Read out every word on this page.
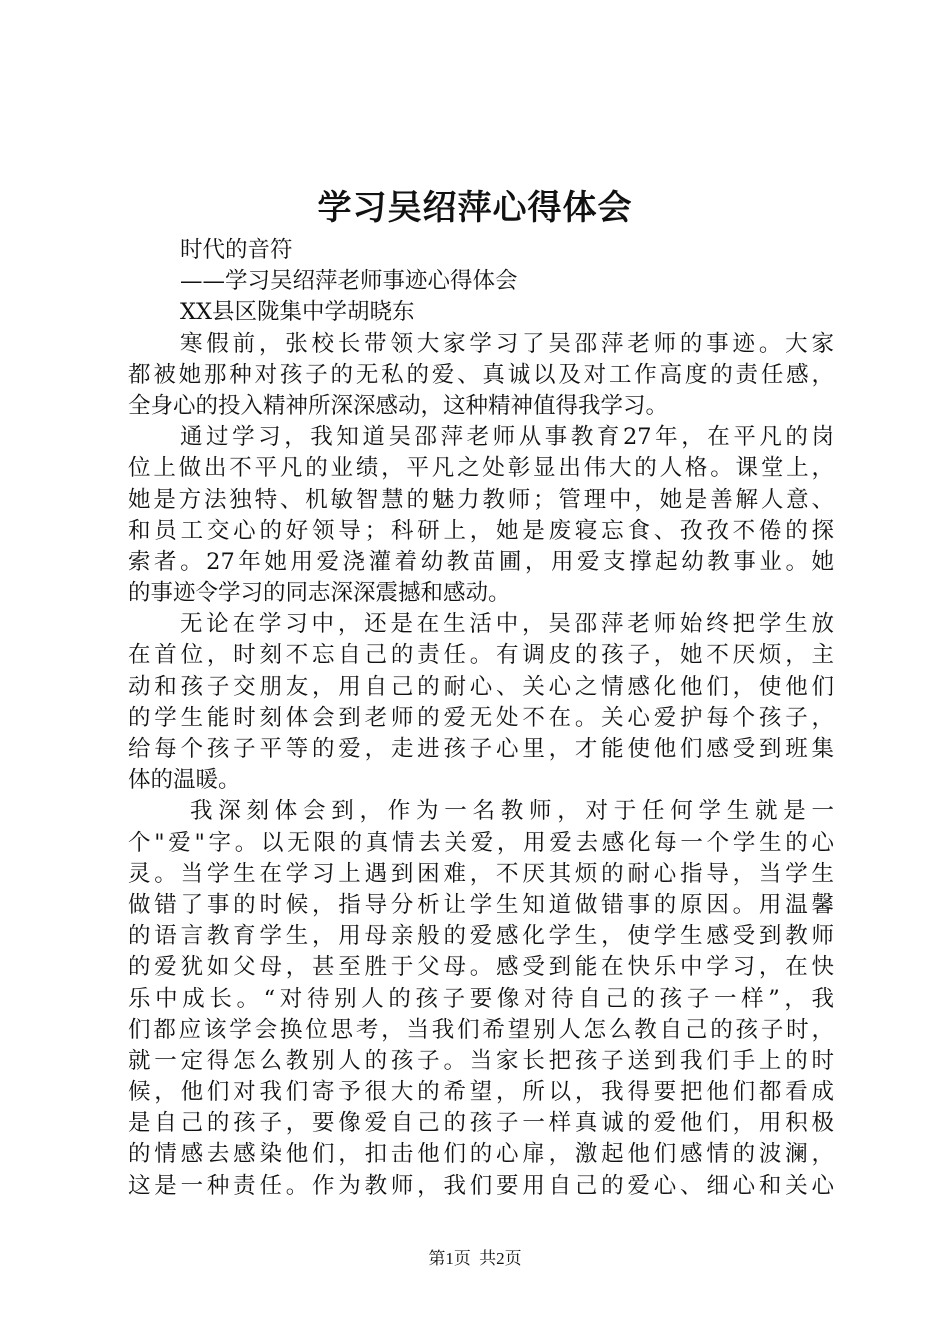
学习吴绍萍心得体会
时代的音符
——学习吴绍萍老师事迹心得体会
XX县区陇集中学胡晓东
寒假前，张校长带领大家学习了吴邵萍老师的事迹。大家
都被她那种对孩子的无私的爱、真诚以及对工作高度的责任感，
全身心的投入精神所深深感动，这种精神值得我学习。
通过学习，我知道吴邵萍老师从事教育27年，在平凡的岗
位上做出不平凡的业绩，平凡之处彰显出伟大的人格。课堂上，
她是方法独特、机敏智慧的魅力教师；管理中，她是善解人意、
和员工交心的好领导；科研上，她是废寝忘食、孜孜不倦的探
索者。27年她用爱浇灌着幼教苗圃，用爱支撑起幼教事业。她
的事迹令学习的同志深深震撼和感动。
无论在学习中，还是在生活中，吴邵萍老师始终把学生放
在首位，时刻不忘自己的责任。有调皮的孩子，她不厌烦，主
动和孩子交朋友，用自己的耐心、关心之情感化他们，使他们
的学生能时刻体会到老师的爱无处不在。关心爱护每个孩子，
给每个孩子平等的爱，走进孩子心里，才能使他们感受到班集
体的温暖。
我深刻体会到，作为一名教师，对于任何学生就是一
个"爱"字。以无限的真情去关爱，用爱去感化每一个学生的心
灵。当学生在学习上遇到困难，不厌其烦的耐心指导，当学生
做错了事的时候，指导分析让学生知道做错事的原因。用温馨
的语言教育学生，用母亲般的爱感化学生，使学生感受到教师
的爱犹如父母，甚至胜于父母。感受到能在快乐中学习，在快
乐中成长。“对待别人的孩子要像对待自己的孩子一样”，我
们都应该学会换位思考，当我们希望别人怎么教自己的孩子时，
就一定得怎么教别人的孩子。当家长把孩子送到我们手上的时
候，他们对我们寄予很大的希望，所以，我得要把他们都看成
是自己的孩子，要像爱自己的孩子一样真诚的爱他们，用积极
的情感去感染他们，扣击他们的心扉，激起他们感情的波澜，
这是一种责任。作为教师，我们要用自己的爱心、细心和关心
第1页 共2页
